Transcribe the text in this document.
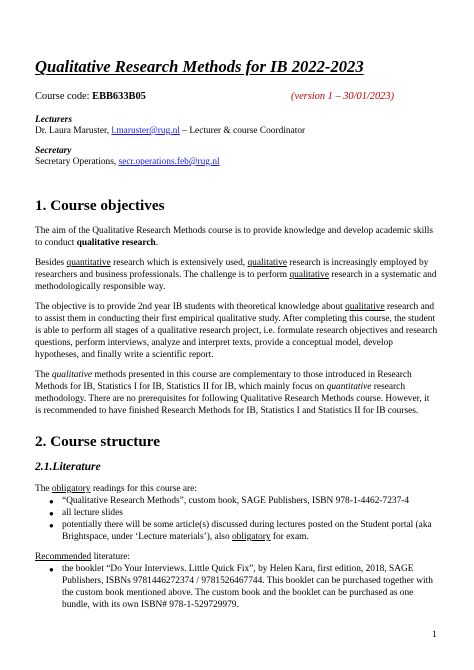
Qualitative Research Methods for IB 2022-2023
Course code: EBB633B05	(version 1 – 30/01/2023)
Lecturers
Dr. Laura Maruster, l.maruster@rug.nl – Lecturer & course Coordinator
Secretary
Secretary Operations, secr.operations.feb@rug.nl
1. Course objectives
The aim of the Qualitative Research Methods course is to provide knowledge and develop academic skills
to conduct qualitative research.
Besides quantitative research which is extensively used, qualitative research is increasingly employed by
researchers and business professionals. The challenge is to perform qualitative research in a systematic and
methodologically responsible way.
The objective is to provide 2nd year IB students with theoretical knowledge about qualitative research and
to assist them in conducting their first empirical qualitative study. After completing this course, the student
is able to perform all stages of a qualitative research project, i.e. formulate research objectives and research
questions, perform interviews, analyze and interpret texts, provide a conceptual model, develop
hypotheses, and finally write a scientific report.
The qualitative methods presented in this course are complementary to those introduced in Research
Methods for IB, Statistics I for IB, Statistics II for IB, which mainly focus on quantitative research
methodology. There are no prerequisites for following Qualitative Research Methods course. However, it
is recommended to have finished Research Methods for IB, Statistics I and Statistics II for IB courses.
2. Course structure
2.1.Literature
The obligatory readings for this course are:
● “Qualitative Research Methods”, custom book, SAGE Publishers, ISBN 978-1-4462-7237-4
● all lecture slides
● potentially there will be some article(s) discussed during lectures posted on the Student portal (aka
Brightspace, under ‘Lecture materials’), also obligatory for exam.
Recommended literature:
● the booklet “Do Your Interviews. Little Quick Fix”, by Helen Kara, first edition, 2018, SAGE
Publishers, ISBNs 9781446272374 / 9781526467744. This booklet can be purchased together with
the custom book mentioned above. The custom book and the booklet can be purchased as one
bundle, with its own ISBN# 978-1-529729979.
1
